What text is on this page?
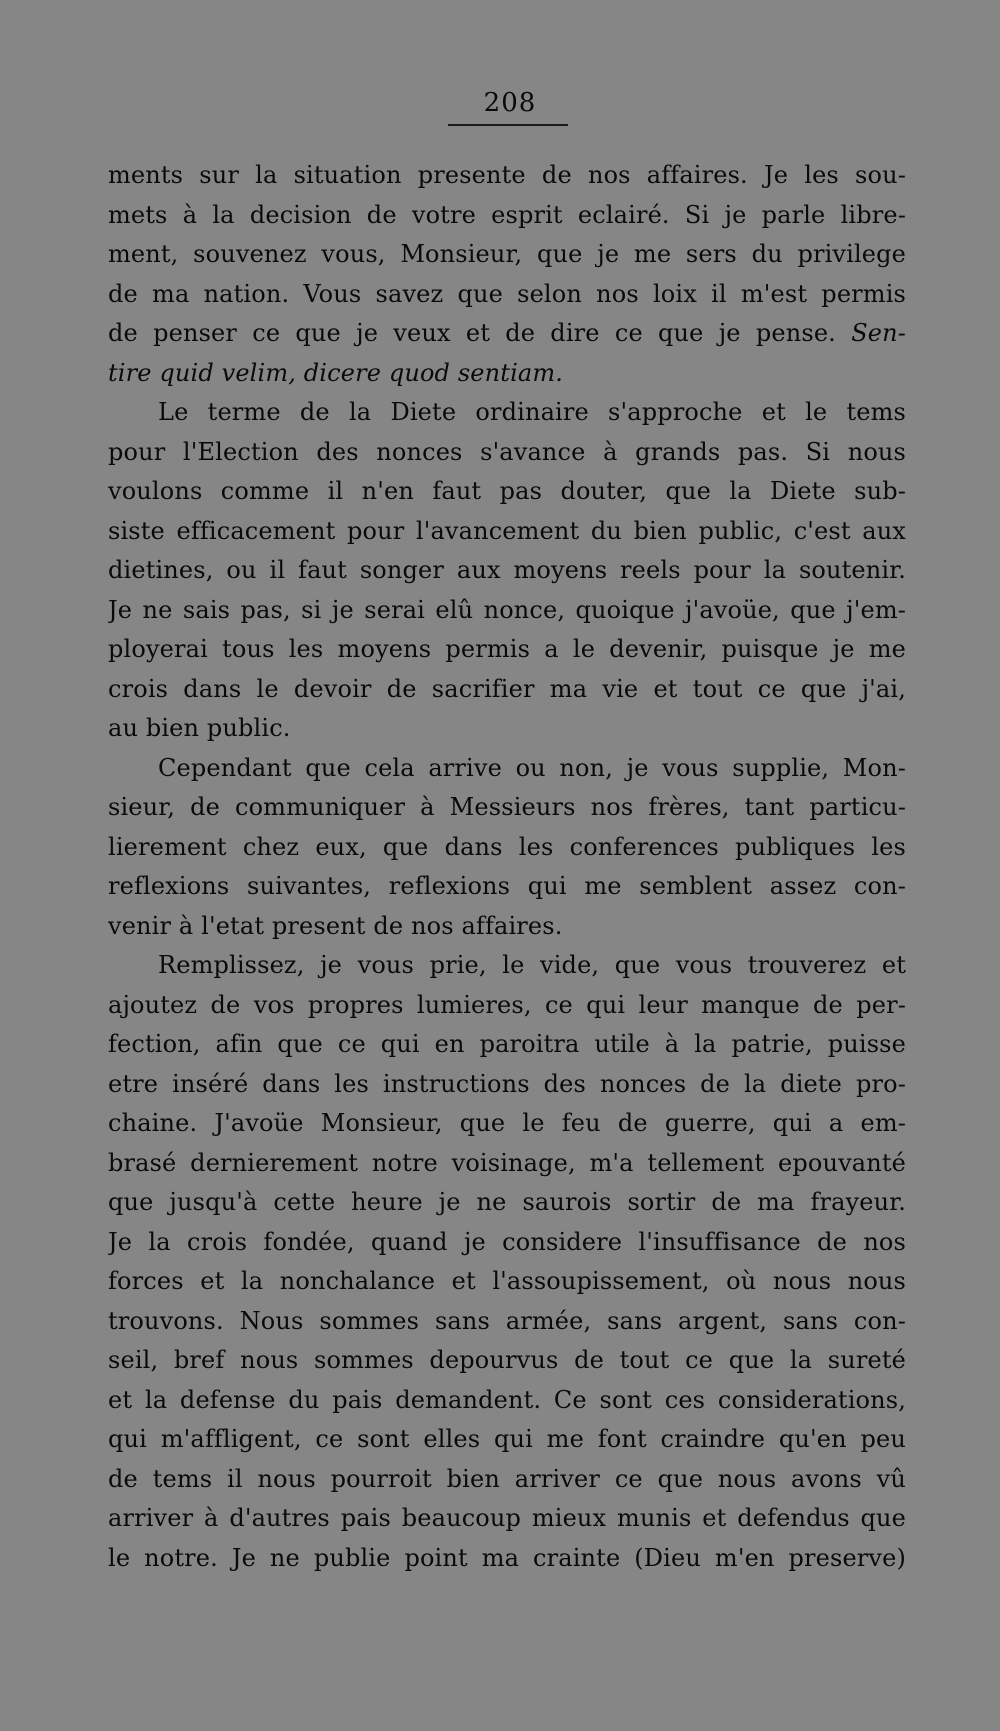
208
ments sur la situation presente de nos affaires. Je les sou-
mets à la decision de votre esprit eclairé. Si je parle libre-
ment, souvenez vous, Monsieur, que je me sers du privilege
de ma nation. Vous savez que selon nos loix il m'est permis
de penser ce que je veux et de dire ce que je pense. Sen-
tire quid velim, dicere quod sentiam.
Le terme de la Diete ordinaire s'approche et le tems
pour l'Election des nonces s'avance à grands pas. Si nous
voulons comme il n'en faut pas douter, que la Diete sub-
siste efficacement pour l'avancement du bien public, c'est aux
dietines, ou il faut songer aux moyens reels pour la soutenir.
Je ne sais pas, si je serai elû nonce, quoique j'avoüe, que j'em-
ployerai tous les moyens permis a le devenir, puisque je me
crois dans le devoir de sacrifier ma vie et tout ce que j'ai,
au bien public.
Cependant que cela arrive ou non, je vous supplie, Mon-
sieur, de communiquer à Messieurs nos frères, tant particu-
lierement chez eux, que dans les conferences publiques les
reflexions suivantes, reflexions qui me semblent assez con-
venir à l'etat present de nos affaires.
Remplissez, je vous prie, le vide, que vous trouverez et
ajoutez de vos propres lumieres, ce qui leur manque de per-
fection, afin que ce qui en paroitra utile à la patrie, puisse
etre inséré dans les instructions des nonces de la diete pro-
chaine. J'avoüe Monsieur, que le feu de guerre, qui a em-
brasé dernierement notre voisinage, m'a tellement epouvanté
que jusqu'à cette heure je ne saurois sortir de ma frayeur.
Je la crois fondée, quand je considere l'insuffisance de nos
forces et la nonchalance et l'assoupissement, où nous nous
trouvons. Nous sommes sans armée, sans argent, sans con-
seil, bref nous sommes depourvus de tout ce que la sureté
et la defense du pais demandent. Ce sont ces considerations,
qui m'affligent, ce sont elles qui me font craindre qu'en peu
de tems il nous pourroit bien arriver ce que nous avons vû
arriver à d'autres pais beaucoup mieux munis et defendus que
le notre. Je ne publie point ma crainte (Dieu m'en preserve)
